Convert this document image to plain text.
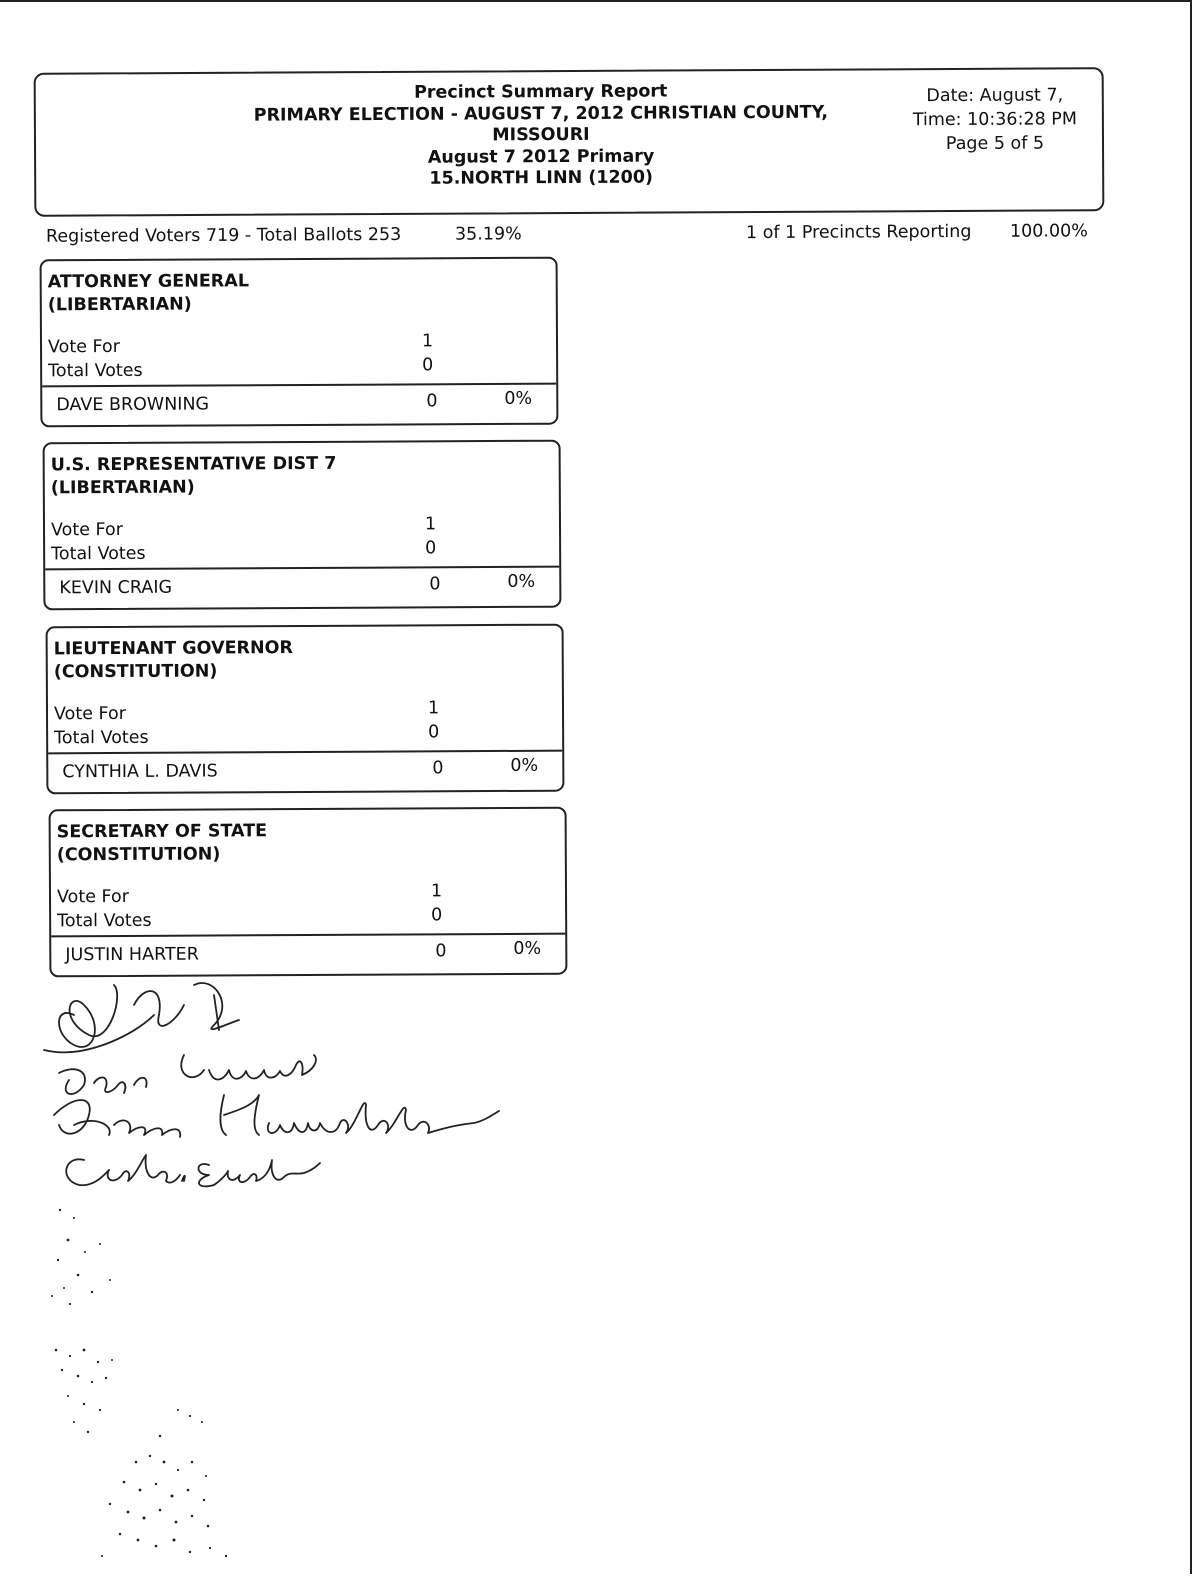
Precinct Summary Report
PRIMARY ELECTION - AUGUST 7, 2012 CHRISTIAN COUNTY,
MISSOURI
August 7 2012 Primary
15.NORTH LINN (1200)
Date: August 7,
Time: 10:36:28 PM
Page 5 of 5
Registered Voters 719 - Total Ballots 253	35.19%	1 of 1 Precincts Reporting 100.00%
ATTORNEY GENERAL
(LIBERTARIAN)
Vote For	1
Total Votes	0
DAVE BROWNING	0	0%
U.S. REPRESENTATIVE DIST 7
(LIBERTARIAN)
Vote For	1
Total Votes	0
KEVIN CRAIG	0	0%
LIEUTENANT GOVERNOR
(CONSTITUTION)
Vote For	1
Total Votes	0
CYNTHIA L. DAVIS	0	0%
SECRETARY OF STATE
(CONSTITUTION)
Vote For	1
Total Votes	0
JUSTIN HARTER	0	0%
